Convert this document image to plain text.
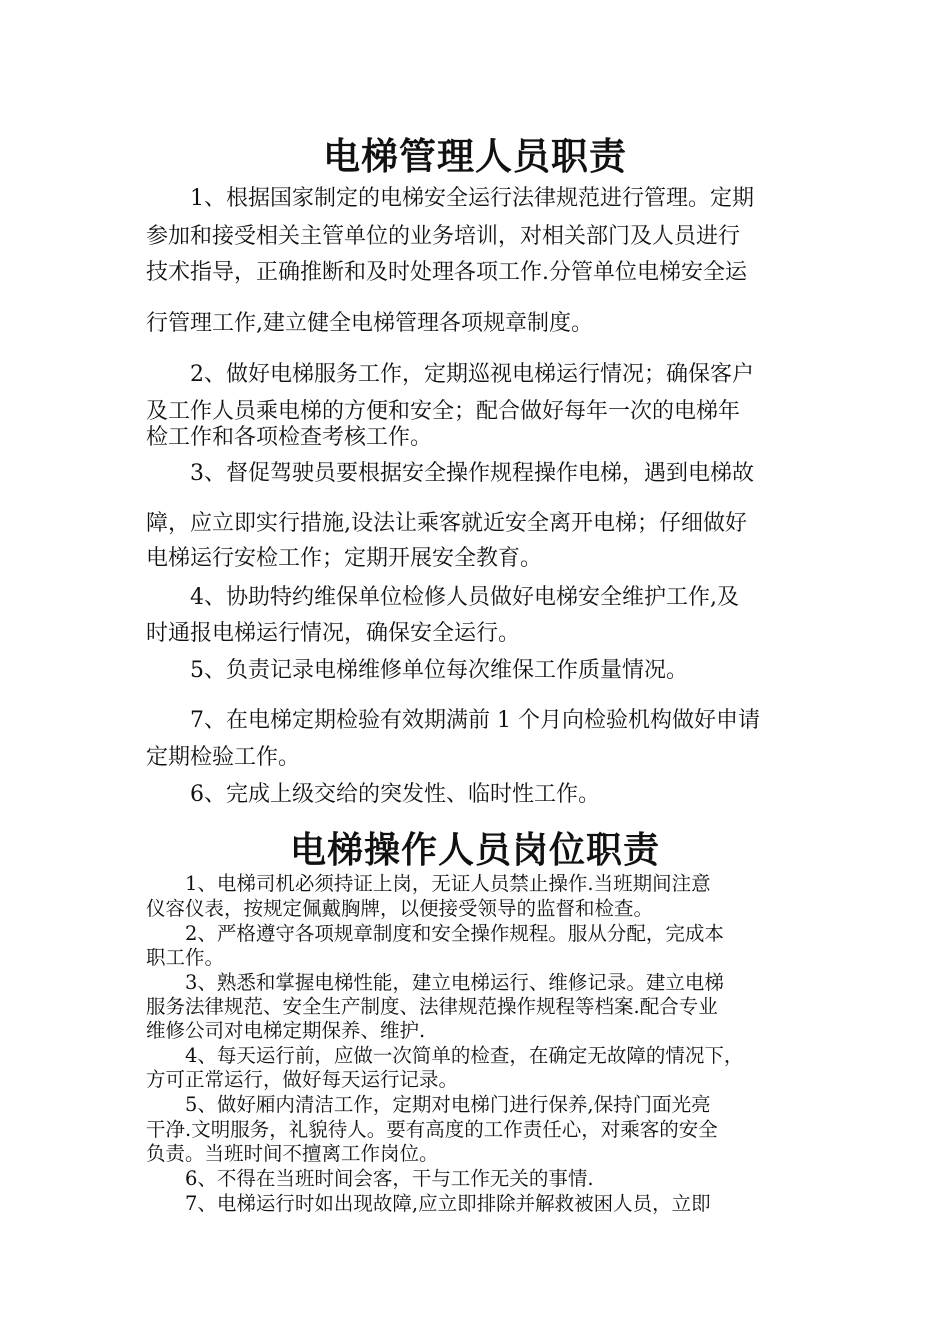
电梯管理人员职责
　　1、根据国家制定的电梯安全运行法律规范进行管理。定期
参加和接受相关主管单位的业务培训，对相关部门及人员进行
技术指导，正确推断和及时处理各项工作.分管单位电梯安全运
行管理工作,建立健全电梯管理各项规章制度。
　　2、做好电梯服务工作，定期巡视电梯运行情况；确保客户
及工作人员乘电梯的方便和安全；配合做好每年一次的电梯年
检工作和各项检查考核工作。
　　3、督促驾驶员要根据安全操作规程操作电梯，遇到电梯故
障，应立即实行措施,设法让乘客就近安全离开电梯；仔细做好
电梯运行安检工作；定期开展安全教育。
　　4、协助特约维保单位检修人员做好电梯安全维护工作,及
时通报电梯运行情况，确保安全运行。
　　5、负责记录电梯维修单位每次维保工作质量情况。
　　7、在电梯定期检验有效期满前 1 个月向检验机构做好申请
定期检验工作。
　　6、完成上级交给的突发性、临时性工作。
电梯操作人员岗位职责
　　1、电梯司机必须持证上岗，无证人员禁止操作.当班期间注意
仪容仪表，按规定佩戴胸牌，以便接受领导的监督和检查。
　　2、严格遵守各项规章制度和安全操作规程。服从分配，完成本
职工作。
　　3、熟悉和掌握电梯性能，建立电梯运行、维修记录。建立电梯
服务法律规范、安全生产制度、法律规范操作规程等档案.配合专业
维修公司对电梯定期保养、维护.
　　4、每天运行前，应做一次简单的检查，在确定无故障的情况下，
方可正常运行，做好每天运行记录。
　　5、做好厢内清洁工作，定期对电梯门进行保养,保持门面光亮
干净.文明服务，礼貌待人。要有高度的工作责任心，对乘客的安全
负责。当班时间不擅离工作岗位。
　　6、不得在当班时间会客，干与工作无关的事情.
　　7、电梯运行时如出现故障,应立即排除并解救被困人员，立即
